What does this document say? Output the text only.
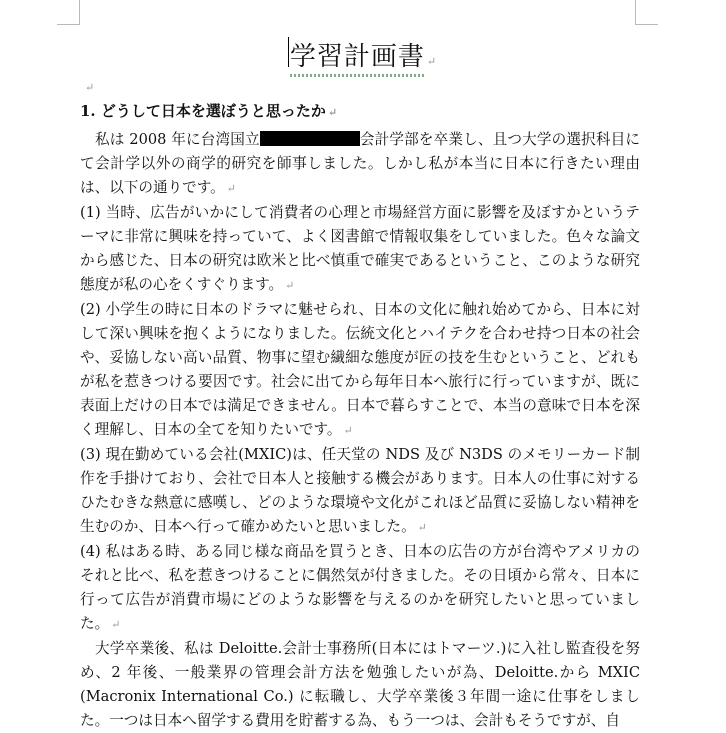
学習計画書 ↵
↵

1. どうして日本を選ぼうと思ったか ↵

私は 2008 年に台湾国立	会計学部を卒業し、且つ大学の選択科目にて会計学以外の商学的研究を師事しました。しかし私が本当に日本に行きたい理由は、以下の通りです。 ↵

(1) 当時、広告がいかにして消費者の心理と市場経営方面に影響を及ぼすかというテーマに非常に興味を持っていて、よく図書館で情報収集をしていました。色々な論文から感じた、日本の研究は欧米と比べ慎重で確実であるということ、このような研究態度が私の心をくすぐります。 ↵

(2) 小学生の時に日本のドラマに魅せられ、日本の文化に触れ始めてから、日本に対して深い興味を抱くようになりました。伝統文化とハイテクを合わせ持つ日本の社会や、妥協しない高い品質、物事に望む繊細な態度が匠の技を生むということ、どれもが私を惹きつける要因です。社会に出てから毎年日本へ旅行に行っていますが、既に表面上だけの日本では満足できません。日本で暮らすことで、本当の意味で日本を深く理解し、日本の全てを知りたいです。 ↵

(3) 現在勤めている会社(MXIC)は、任天堂の NDS 及び N3DS のメモリーカード制作を手掛けており、会社で日本人と接触する機会があります。日本人の仕事に対するひたむきな熱意に感嘆し、どのような環境や文化がこれほど品質に妥協しない精神を生むのか、日本へ行って確かめたいと思いました。 ↵

(4) 私はある時、ある同じ様な商品を買うとき、日本の広告の方が台湾やアメリカのそれと比べ、私を惹きつけることに偶然気が付きました。その日頃から常々、日本に行って広告が消費市場にどのような影響を与えるのかを研究したいと思っていました。 ↵

大学卒業後、私は Deloitte.会計士事務所(日本にはトマーツ.)に入社し監査役を努め、2 年後、一般業界の管理会計方法を勉強したいが為、Deloitte.から MXIC (Macronix International Co.) に転職し、大学卒業後３年間一途に仕事をしました。一つは日本へ留学する費用を貯蓄する為、もう一つは、会計もそうですが、自
